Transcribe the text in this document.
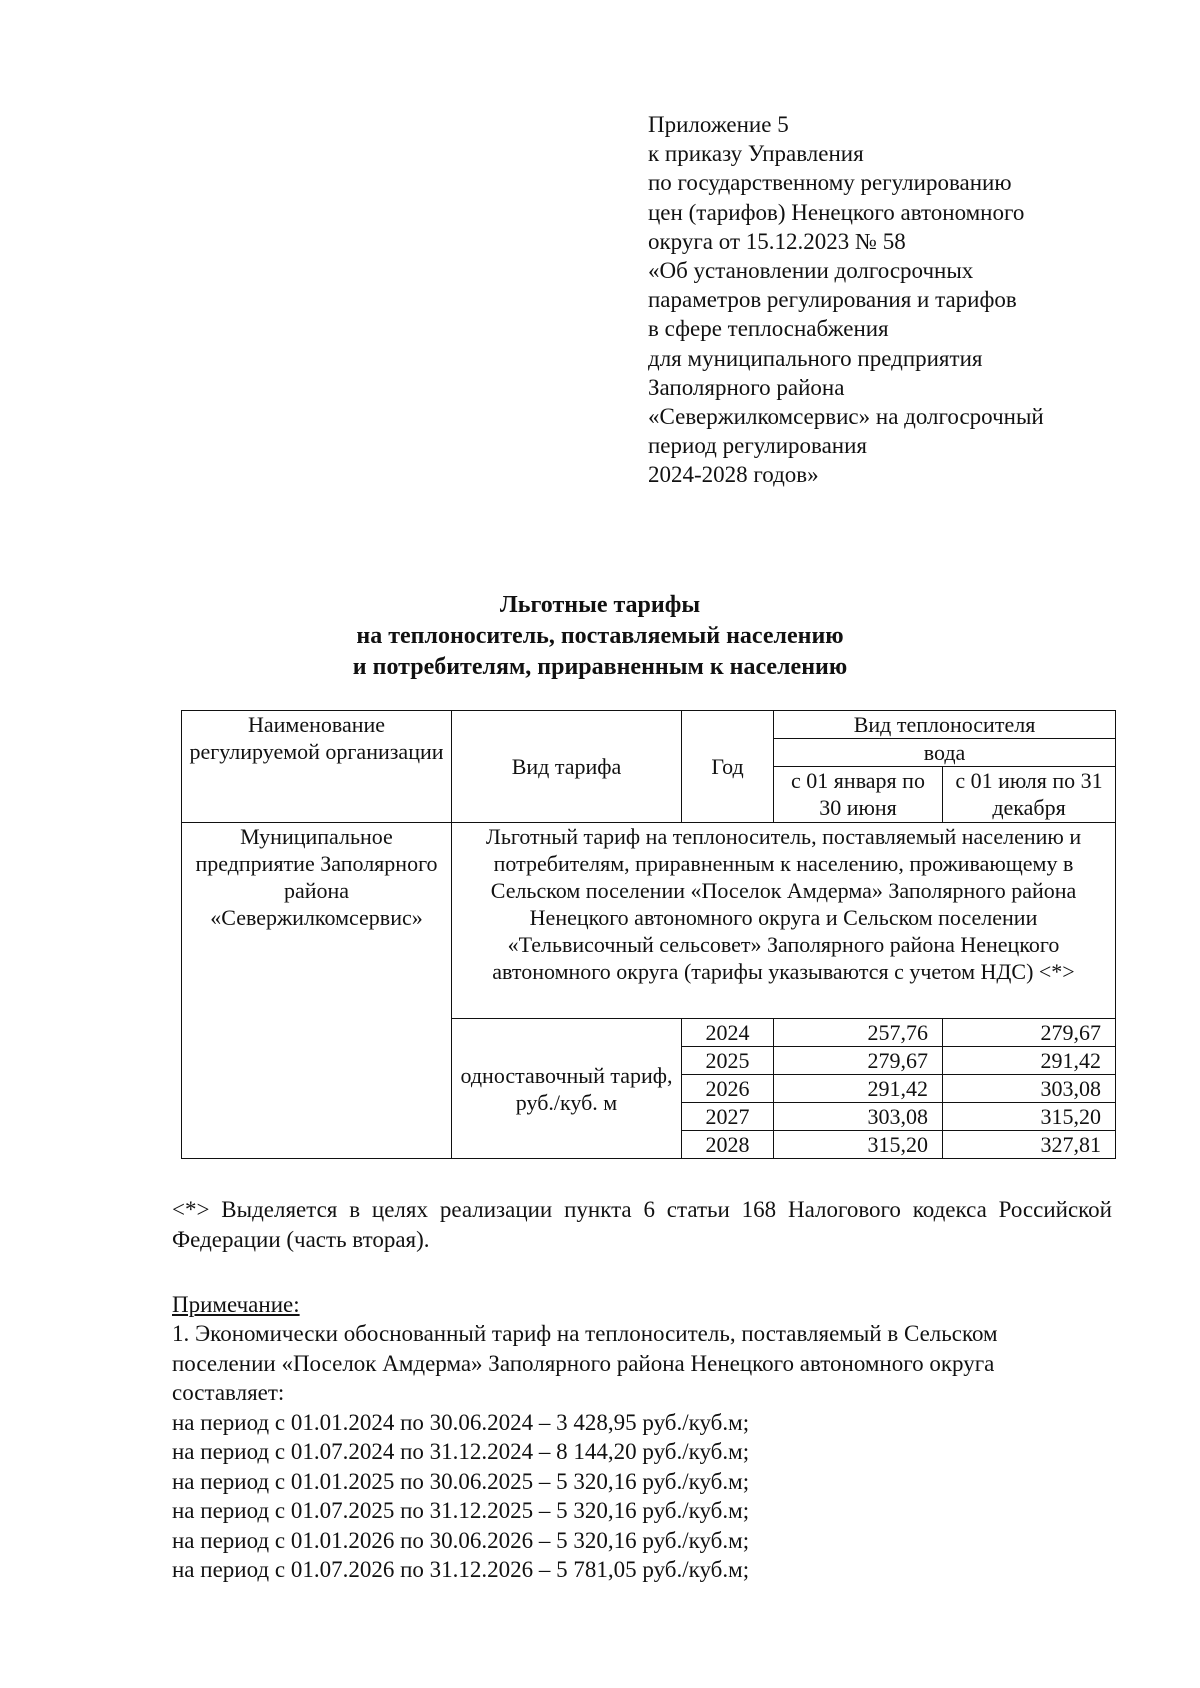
Приложение 5
к приказу Управления
по государственному регулированию
цен (тарифов) Ненецкого автономного
округа от 15.12.2023 № 58
«Об установлении долгосрочных
параметров регулирования и тарифов
в сфере теплоснабжения
для муниципального предприятия
Заполярного района
«Севержилкомсервис» на долгосрочный
период регулирования
2024-2028 годов»
Льготные тарифы
на теплоноситель, поставляемый населению
и потребителям, приравненным к населению
Наименование регулируемой организации	Вид тарифа	Год	Вид теплоносителя	
			вода	
			с 01 января по 30 июня	с 01 июля по 31 декабря
Муниципальное предприятие Заполярного района «Севержилкомсервис»	Льготный тариф на теплоноситель, поставляемый населению и потребителям, приравненным к населению, проживающему в Сельском поселении «Поселок Амдерма» Заполярного района Ненецкого автономного округа и Сельском поселении «Тельвисочный сельсовет» Заполярного района Ненецкого автономного округа (тарифы указываются с учетом НДС) <*>			
	одноставочный тариф, руб./куб. м	2024	257,76	279,67
		2025	279,67	291,42
		2026	291,42	303,08
		2027	303,08	315,20
		2028	315,20	327,81
<*> Выделяется в целях реализации пункта 6 статьи 168 Налогового кодекса Российской Федерации (часть вторая).
Примечание:
1. Экономически обоснованный тариф на теплоноситель, поставляемый в Сельском
поселении «Поселок Амдерма» Заполярного района Ненецкого автономного округа
составляет:
на период с 01.01.2024 по 30.06.2024 – 3 428,95 руб./куб.м;
на период с 01.07.2024 по 31.12.2024 – 8 144,20 руб./куб.м;
на период с 01.01.2025 по 30.06.2025 – 5 320,16 руб./куб.м;
на период с 01.07.2025 по 31.12.2025 – 5 320,16 руб./куб.м;
на период с 01.01.2026 по 30.06.2026 – 5 320,16 руб./куб.м;
на период с 01.07.2026 по 31.12.2026 – 5 781,05 руб./куб.м;
